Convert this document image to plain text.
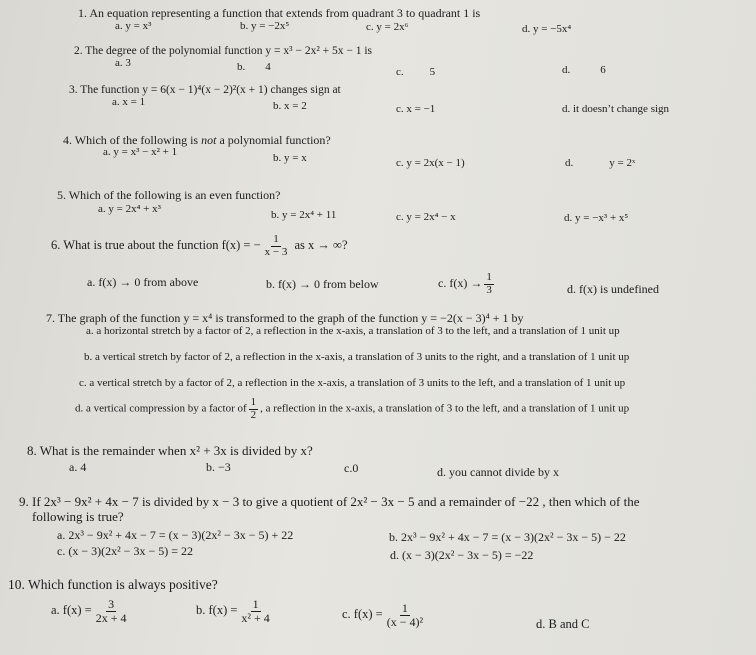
1. An equation representing a function that extends from quadrant 3 to quadrant 1 is
a. y = x³	b. y = −2x⁵	c. y = 2x⁶	d. y = −5x⁴
2. The degree of the polynomial function y = x³ − 2x² + 5x − 1 is
a. 3	b. 4	c. 5	d.	6
3. The function y = 6(x − 1)⁴(x − 2)²(x + 1) changes sign at
a. x = 1	b. x = 2	c. x = −1	d. it doesn’t change sign
4. Which of the following is not a polynomial function?
a. y = x³ − x² + 1	b. y = x	c. y = 2x(x − 1)	d.	y = 2ˣ
5. Which of the following is an even function?
a. y = 2x⁴ + x³	b. y = 2x⁴ + 11	c. y = 2x⁴ − x	d. y = −x³ + x⁵
6. What is true about the function f(x) = − $\frac{1}{x - 3}$ as x → ∞?
a. f(x) → 0 from above	b. f(x) → 0 from below	c. $f(x) \to \frac{1}{3}$	d. f(x) is undefined
7. The graph of the function y = x⁴ is transformed to the graph of the function y = −2(x − 3)⁴ + 1 by
a. a horizontal stretch by a factor of 2, a reflection in the x-axis, a translation of 3 to the left, and a translation of 1 unit up
b. a vertical stretch by factor of 2, a reflection in the x-axis, a translation of 3 units to the right, and a translation of 1 unit up
c. a vertical stretch by a factor of 2, a reflection in the x-axis, a translation of 3 units to the left, and a translation of 1 unit up
d. a vertical compression by a factor of $\frac{1}{2}$ , a reflection in the x-axis, a translation of 3 to the left, and a translation of 1 unit up
8. What is the remainder when x² + 3x is divided by x?
a. 4	b. −3	c.0	d. you cannot divide by x
9. If 2x³ − 9x² + 4x − 7 is divided by x − 3 to give a quotient of 2x² − 3x − 5 and a remainder of −22 , then which of the
following is true?
a. 2x³ − 9x² + 4x − 7 = (x − 3)(2x² − 3x − 5) + 22	b. 2x³ − 9x² + 4x − 7 = (x − 3)(2x² − 3x − 5) − 22
c. (x − 3)(2x² − 3x − 5) = 22	d. (x − 3)(2x² − 3x − 5) = −22
10. Which function is always positive?
a. $f(x) = \frac{3}{2x + 4}$	b. $f(x) = \frac{1}{\text{x² + 4}}$	c. $f(x) = \frac{1}{\text{(x − 4)²}}$	d. B and C
